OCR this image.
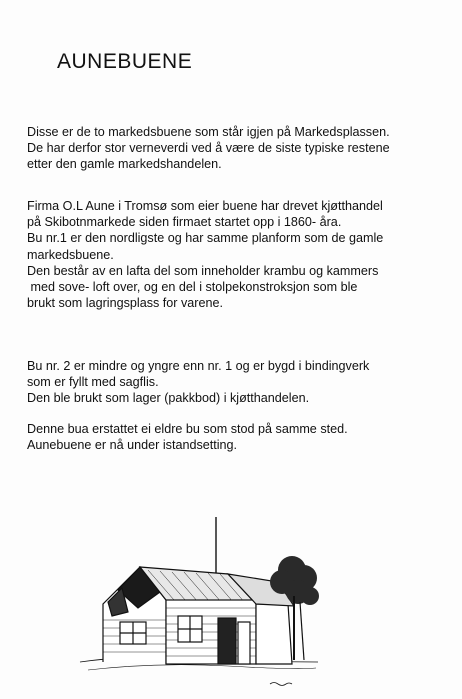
AUNEBUENE
Disse er de to markedsbuene som står igjen på Markedsplassen.
De har derfor stor verneverdi ved å være de siste typiske restene
etter den gamle markedshandelen.
Firma O.L Aune i Tromsø som eier buene har drevet kjøtthandel
på Skibotnmarkede siden firmaet startet opp i 1860- åra.
Bu nr.1 er den nordligste og har samme planform som de gamle
markedsbuene.
Den består av en lafta del som inneholder krambu og kammers
med sove- loft over, og en del i stolpekonstroksjon som ble
brukt som lagringsplass for varene.
Bu nr. 2 er mindre og yngre enn nr. 1 og er bygd i bindingverk
som er fyllt med sagflis.
Den ble brukt som lager (pakkbod) i kjøtthandelen.
Denne bua erstattet ei eldre bu som stod på samme sted.
Aunebuene er nå under istandsetting.
